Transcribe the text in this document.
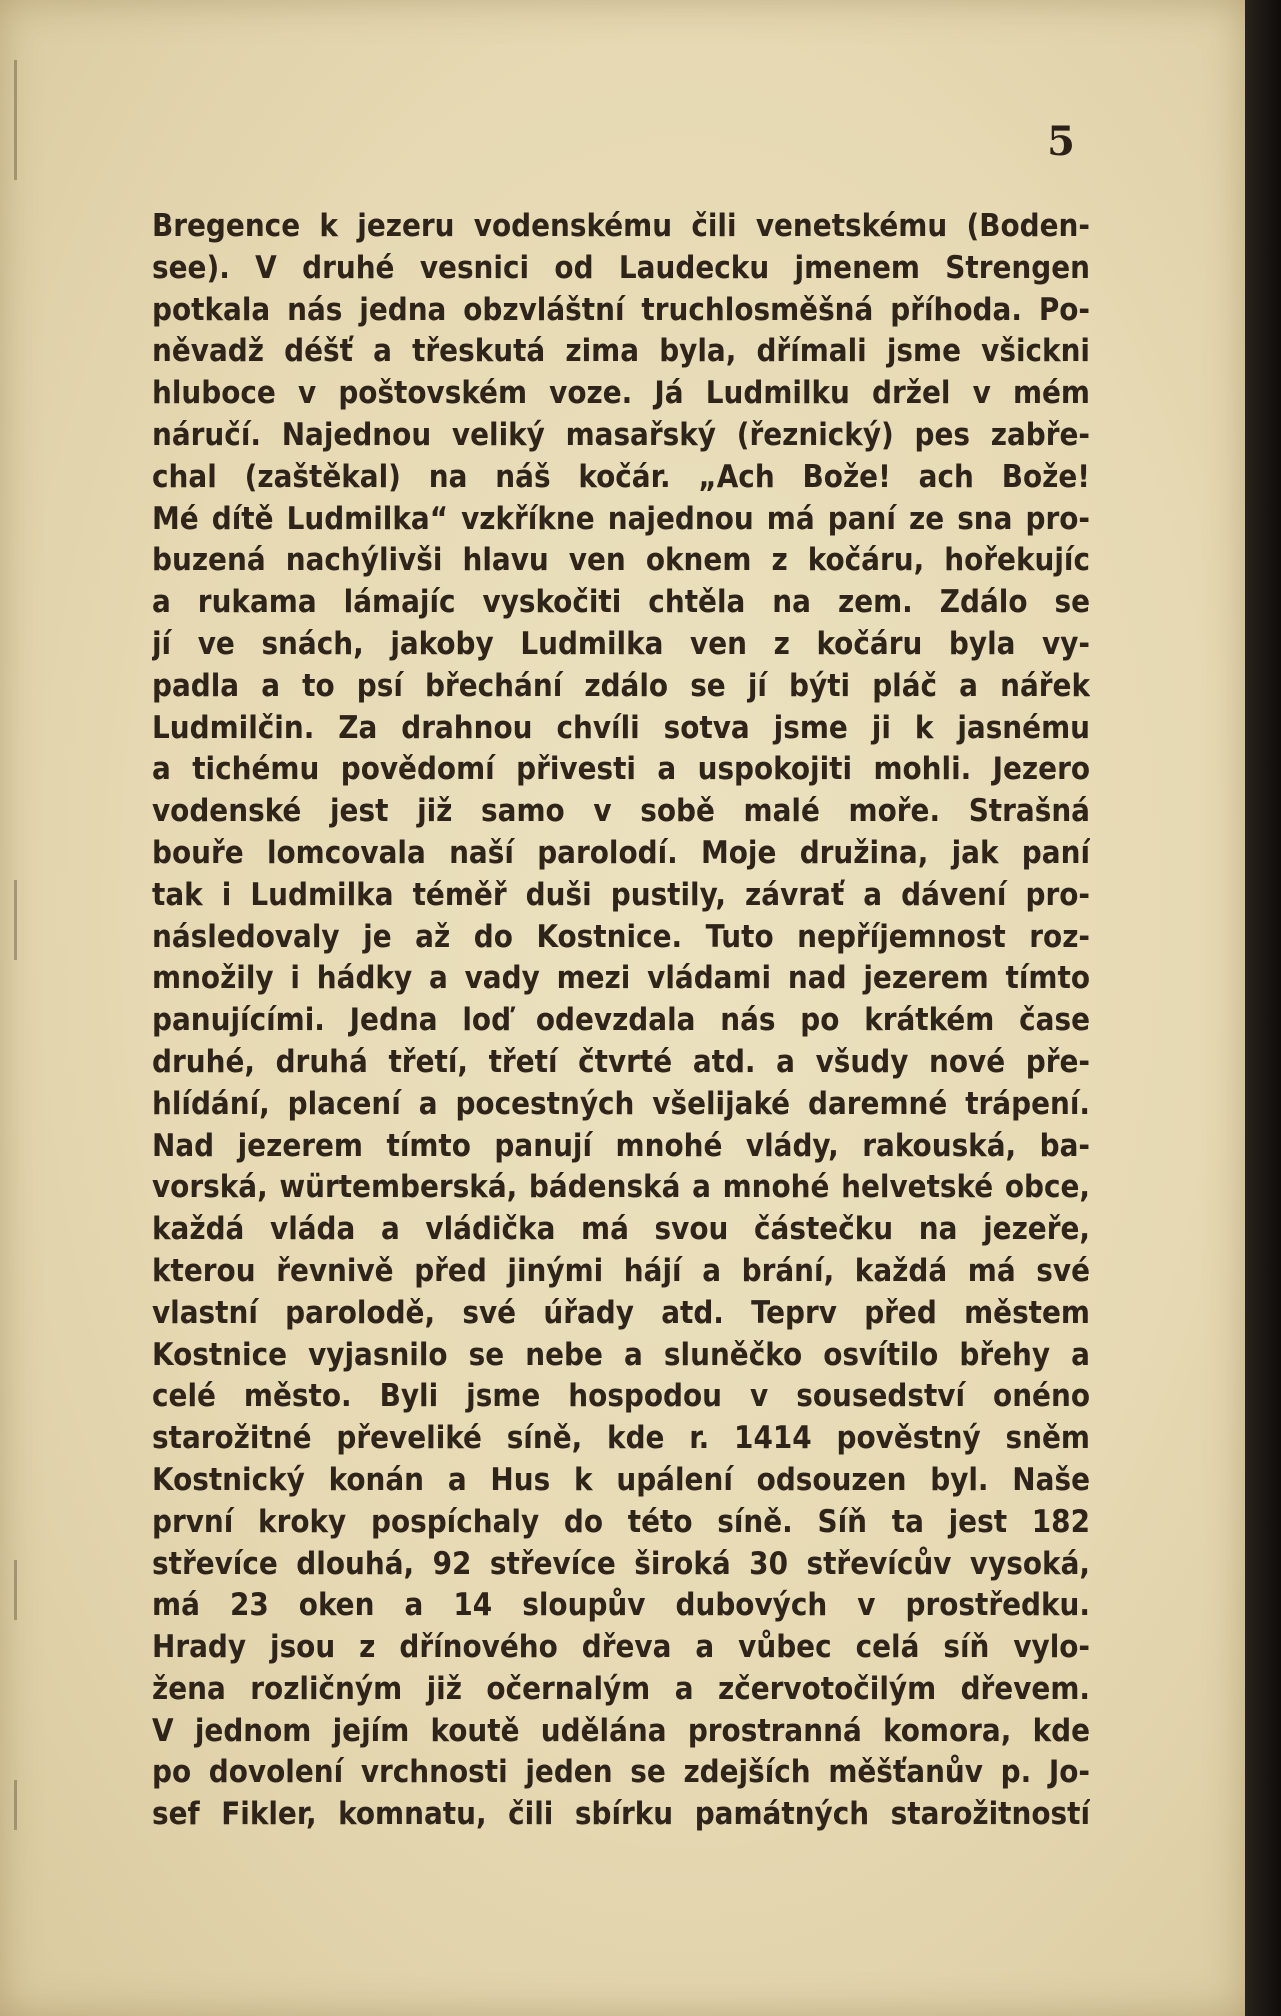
5

Bregence k jezeru vodenskému čili venetskému (Boden-
see). V druhé vesnici od Laudecku jmenem Strengen
potkala nás jedna obzvláštní truchlosměšná příhoda. Po-
něvadž déšť a třeskutá zima byla, dřímali jsme všickni
hluboce v poštovském voze. Já Ludmilku držel v mém
náručí. Najednou veliký masařský (řeznický) pes zabře-
chal (zaštěkal) na náš kočár. „Ach Bože! ach Bože!
Mé dítě Ludmilka“ vzkříkne najednou má paní ze sna pro-
buzená nachýlivši hlavu ven oknem z kočáru, hořekujíc
a rukama lámajíc vyskočiti chtěla na zem. Zdálo se
jí ve snách, jakoby Ludmilka ven z kočáru byla vy-
padla a to psí břechání zdálo se jí býti pláč a nářek
Ludmilčin. Za drahnou chvíli sotva jsme ji k jasnému
a tichému povědomí přivesti a uspokojiti mohli. Jezero
vodenské jest již samo v sobě malé moře. Strašná
bouře lomcovala naší parolodí. Moje družina, jak paní
tak i Ludmilka téměř duši pustily, závrať a dávení pro-
následovaly je až do Kostnice. Tuto nepříjemnost roz-
množily i hádky a vady mezi vládami nad jezerem tímto
panujícími. Jedna loď odevzdala nás po krátkém čase
druhé, druhá třetí, třetí čtvrté atd. a všudy nové pře-
hlídání, placení a pocestných všelijaké daremné trápení.
Nad jezerem tímto panují mnohé vlády, rakouská, ba-
vorská, würtemberská, bádenská a mnohé helvetské obce,
každá vláda a vládička má svou částečku na jezeře,
kterou řevnivě před jinými hájí a brání, každá má své
vlastní parolodě, své úřady atd. Teprv před městem
Kostnice vyjasnilo se nebe a sluněčko osvítilo břehy a
celé město. Byli jsme hospodou v sousedství onéno
starožitné převeliké síně, kde r. 1414 pověstný sněm
Kostnický konán a Hus k upálení odsouzen byl. Naše
první kroky pospíchaly do této síně. Síň ta jest 182
střevíce dlouhá, 92 střevíce široká 30 střevícův vysoká,
má 23 oken a 14 sloupův dubových v prostředku.
Hrady jsou z dřínového dřeva a vůbec celá síň vylo-
žena rozličným již očernalým a zčervotočilým dřevem.
V jednom jejím koutě udělána prostranná komora, kde
po dovolení vrchnosti jeden se zdejších měšťanův p. Jo-
sef Fikler, komnatu, čili sbírku památných starožitností
